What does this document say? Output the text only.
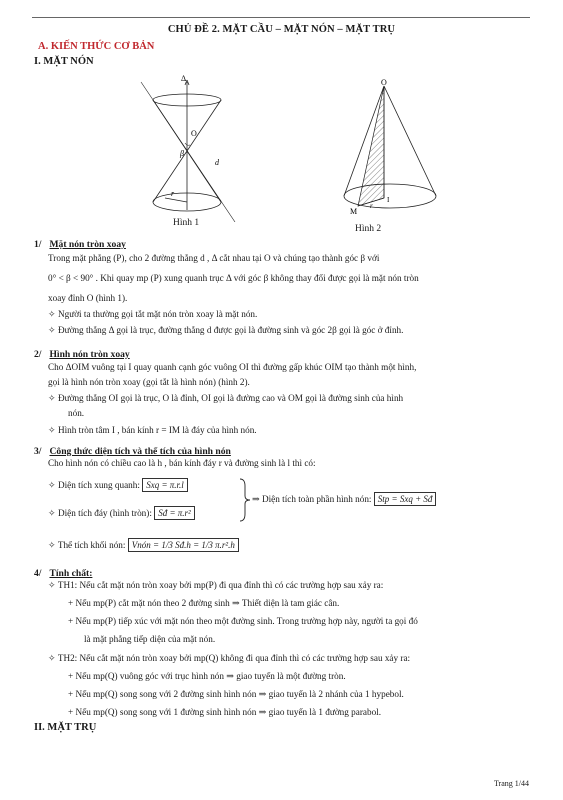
CHỦ ĐỀ 2. MẶT CẦU – MẶT NÓN – MẶT TRỤ
A. KIẾN THỨC CƠ BẢN
I. MẶT NÓN
Δ
O
β
d
r
Hình 1
O
M
r
I
Hình 2
1/ Mặt nón tròn xoay
Trong mặt phẳng (P), cho 2 đường thẳng d , Δ cắt nhau tại O và chúng tạo thành góc β với
0° < β < 90° . Khi quay mp (P) xung quanh trục Δ với góc β không thay đổi được gọi là mặt nón tròn
xoay đỉnh O (hình 1).
✧ Người ta thường gọi tắt mặt nón tròn xoay là mặt nón.
✧ Đường thẳng Δ gọi là trục, đường thẳng d được gọi là đường sinh và góc 2β gọi là góc ở đỉnh.
2/ Hình nón tròn xoay
Cho ΔOIM vuông tại I quay quanh cạnh góc vuông OI thì đường gấp khúc OIM tạo thành một hình,
gọi là hình nón tròn xoay (gọi tắt là hình nón) (hình 2).
✧ Đường thẳng OI gọi là trục, O là đỉnh, OI gọi là đường cao và OM gọi là đường sinh của hình
nón.
✧ Hình tròn tâm I , bán kính r = IM là đáy của hình nón.
3/ Công thức diện tích và thể tích của hình nón
Cho hình nón có chiều cao là h , bán kính đáy r và đường sinh là l thì có:
✧ Diện tích xung quanh: Sxq = π.r.l
✧ Diện tích đáy (hình tròn): Sđ = π.r²
⇒ Diện tích toàn phần hình nón: Stp = Sxq + Sđ
✧ Thể tích khối nón: Vnón = 1/3 Sđ.h = 1/3 π.r².h
4/ Tính chất:
✧ TH1: Nếu cắt mặt nón tròn xoay bởi mp(P) đi qua đỉnh thì có các trường hợp sau xảy ra:
+ Nếu mp(P) cắt mặt nón theo 2 đường sinh ⇒ Thiết diện là tam giác cân.
+ Nếu mp(P) tiếp xúc với mặt nón theo một đường sinh. Trong trường hợp này, người ta gọi đó
là mặt phẳng tiếp diện của mặt nón.
✧ TH2: Nếu cắt mặt nón tròn xoay bởi mp(Q) không đi qua đỉnh thì có các trường hợp sau xảy ra:
+ Nếu mp(Q) vuông góc với trục hình nón ⇒ giao tuyến là một đường tròn.
+ Nếu mp(Q) song song với 2 đường sinh hình nón ⇒ giao tuyến là 2 nhánh của 1 hypebol.
+ Nếu mp(Q) song song với 1 đường sinh hình nón ⇒ giao tuyến là 1 đường parabol.
II. MẶT TRỤ
Trang 1/44
